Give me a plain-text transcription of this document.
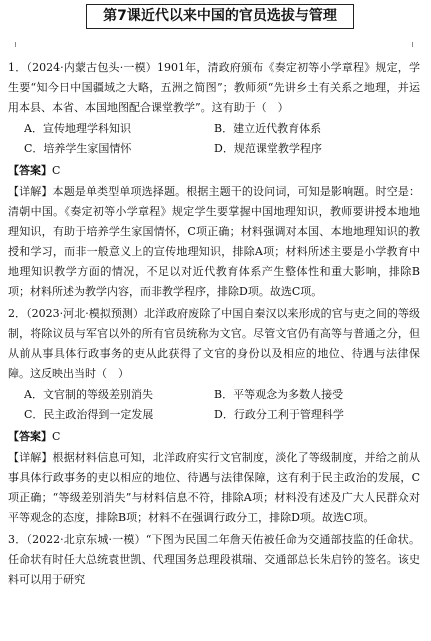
第7课近代以来中国的官员选拔与管理
1．（2024·内蒙古包头·一模）1901年，清政府颁布《奏定初等小学章程》规定，学生要“知今日中国疆域之大略，五洲之简图”；教师须“先讲乡土有关系之地理，并运用本县、本省、本国地图配合课堂教学”。这有助于（　）
A．宣传地理学科知识	B．建立近代教育体系
C．培养学生家国情怀	D．规范课堂教学程序
【答案】C
【详解】本题是单类型单项选择题。根据主题干的设问词，可知是影响题。时空是：清朝中国。《奏定初等小学章程》规定学生要掌握中国地理知识，教师要讲授本地地理知识，有助于培养学生家国情怀，C项正确；材料强调对本国、本地地理知识的教授和学习，而非一般意义上的宣传地理知识，排除A项；材料所述主要是小学教育中地理知识教学方面的情况，不足以对近代教育体系产生整体性和重大影响，排除B项；材料所述为教学内容，而非教学程序，排除D项。故选C项。
2．（2023·河北·模拟预测）北洋政府废除了中国自秦汉以来形成的官与吏之间的等级制，将除议员与军官以外的所有官员统称为文官。尽管文官仍有高等与普通之分，但从前从事具体行政事务的吏从此获得了文官的身份以及相应的地位、待遇与法律保障。这反映出当时（　）
A．文官制的等级差别消失	B．平等观念为多数人接受
C．民主政治得到一定发展	D．行政分工利于管理科学
【答案】C
【详解】根据材料信息可知，北洋政府实行文官制度，淡化了等级制度，并给之前从事具体行政事务的吏以相应的地位、待遇与法律保障，这有利于民主政治的发展，C项正确；“等级差别消失”与材料信息不符，排除A项；材料没有述及广大人民群众对平等观念的态度，排除B项；材料不在强调行政分工，排除D项。故选C项。
3．（2022·北京东城·一模）“下图为民国二年詹天佑被任命为交通部技监的任命状。任命状有时任大总统袁世凯、代理国务总理段祺瑞、交通部总长朱启钤的签名。该史料可以用于研究
